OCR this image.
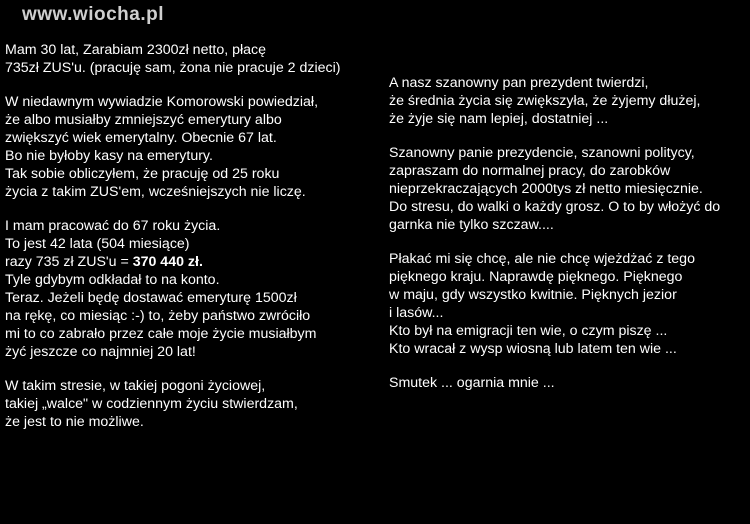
www.wiocha.pl
Mam 30 lat, Zarabiam 2300zł netto, płacę
735zł ZUS'u. (pracuję sam, żona nie pracuje 2 dzieci)
W niedawnym wywiadzie Komorowski powiedział,
że albo musiałby zmniejszyć emerytury albo
zwiększyć wiek emerytalny. Obecnie 67 lat.
Bo nie byłoby kasy na emerytury.
Tak sobie obliczyłem, że pracuję od 25 roku
życia z takim ZUS'em, wcześniejszych nie liczę.
I mam pracować do 67 roku życia.
To jest 42 lata (504 miesiące)
razy 735 zł ZUS'u = 370 440 zł.
Tyle gdybym odkładał to na konto.
Teraz. Jeżeli będę dostawać emeryturę 1500zł
na rękę, co miesiąc :-) to, żeby państwo zwróciło
mi to co zabrało przez całe moje życie musiałbym
żyć jeszcze co najmniej 20 lat!
W takim stresie, w takiej pogoni życiowej,
takiej „walce" w codziennym życiu stwierdzam,
że jest to nie możliwe.
A nasz szanowny pan prezydent twierdzi,
że średnia życia się zwiększyła, że żyjemy dłużej,
że żyje się nam lepiej, dostatniej ...
Szanowny panie prezydencie, szanowni politycy,
zapraszam do normalnej pracy, do zarobków
nieprzekraczających 2000tys zł netto miesięcznie.
Do stresu, do walki o każdy grosz. O to by włożyć do
garnka nie tylko szczaw....
Płakać mi się chcę, ale nie chcę wjeżdżać z tego
pięknego kraju. Naprawdę pięknego. Pięknego
w maju, gdy wszystko kwitnie. Pięknych jezior
i lasów...
Kto był na emigracji ten wie, o czym piszę ...
Kto wracał z wysp wiosną lub latem ten wie ...
Smutek ... ogarnia mnie ...
